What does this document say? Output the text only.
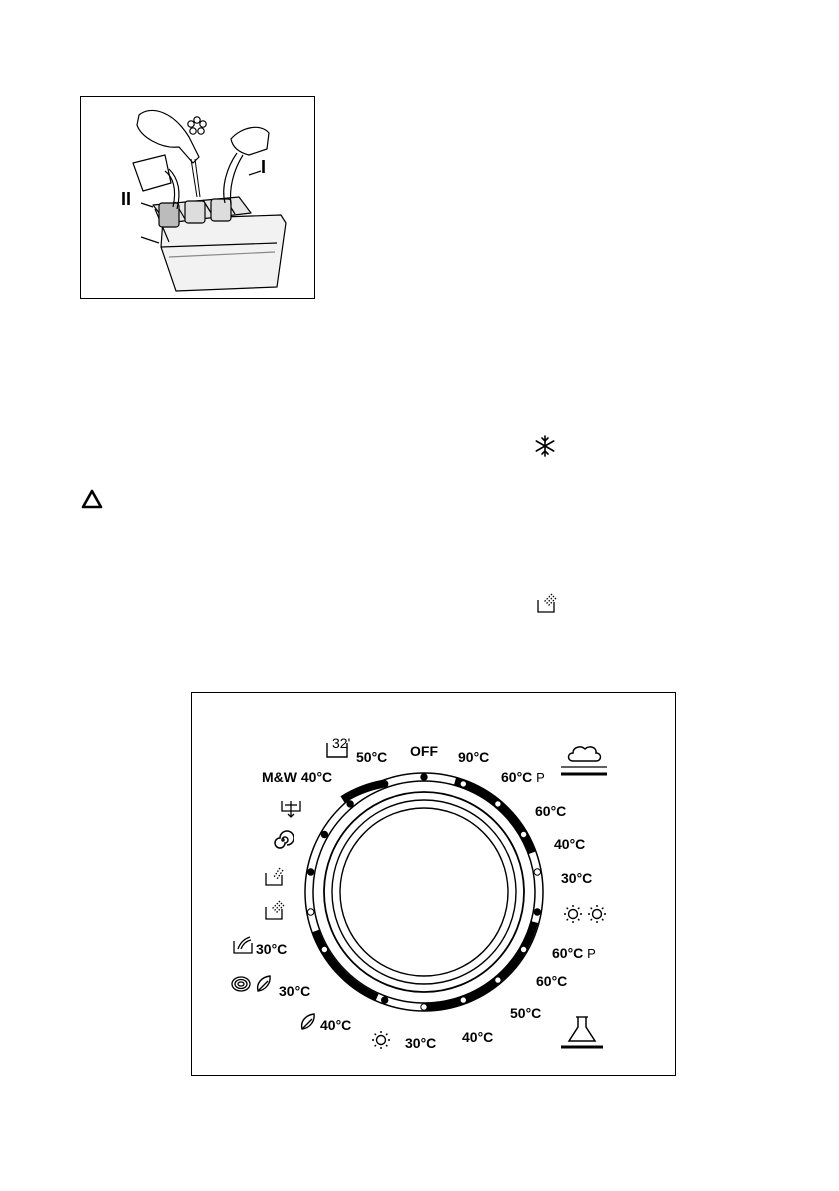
II
I
32'
50°C OFF 90°C
M&W 40°C	60°C P
60°C
40°C
30°C
60°C P
60°C
50°C
40°C
30°C
40°C
30°C
30°C
